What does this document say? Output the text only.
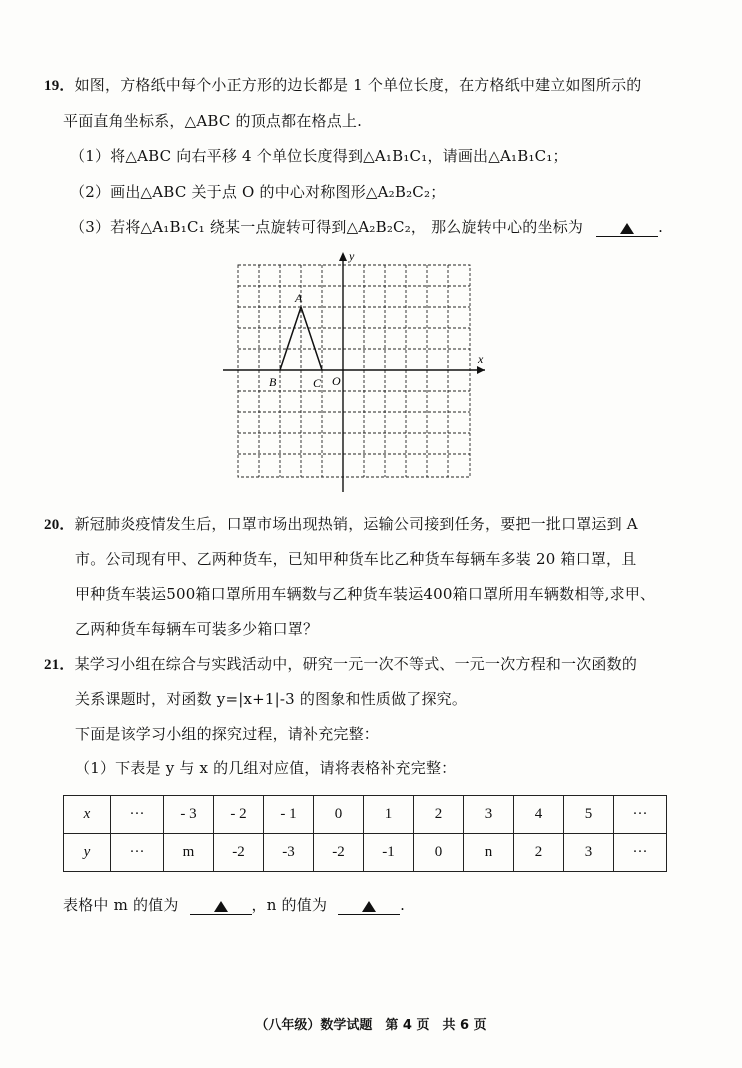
19．如图，方格纸中每个小正方形的边长都是 1 个单位长度，在方格纸中建立如图所示的
平面直角坐标系，△ABC 的顶点都在格点上.
（1）将△ABC 向右平移 4 个单位长度得到△A₁B₁C₁，请画出△A₁B₁C₁；
（2）画出△ABC 关于点 O 的中心对称图形△A₂B₂C₂；
（3）若将△A₁B₁C₁ 绕某一点旋转可得到△A₂B₂C₂， 那么旋转中心的坐标为	.
y
x
A
B	C O
20．新冠肺炎疫情发生后，口罩市场出现热销，运输公司接到任务，要把一批口罩运到 A
市。公司现有甲、乙两种货车，已知甲种货车比乙种货车每辆车多装 20 箱口罩，且
甲种货车装运500箱口罩所用车辆数与乙种货车装运400箱口罩所用车辆数相等,求甲、
乙两种货车每辆车可装多少箱口罩？
21．某学习小组在综合与实践活动中，研究一元一次不等式、一元一次方程和一次函数的
关系课题时，对函数 y=|x+1|-3 的图象和性质做了探究。
下面是该学习小组的探究过程，请补充完整：
（1）下表是 y 与 x 的几组对应值，请将表格补充完整：
x	···	- 3	- 2	- 1	0	1	2	3	4	5	···
y	···	m	-2	-3	-2	-1	0	n	2	3	···
表格中 m 的值为	，n 的值为	.
（八年级）数学试题　第 4 页　共 6 页
